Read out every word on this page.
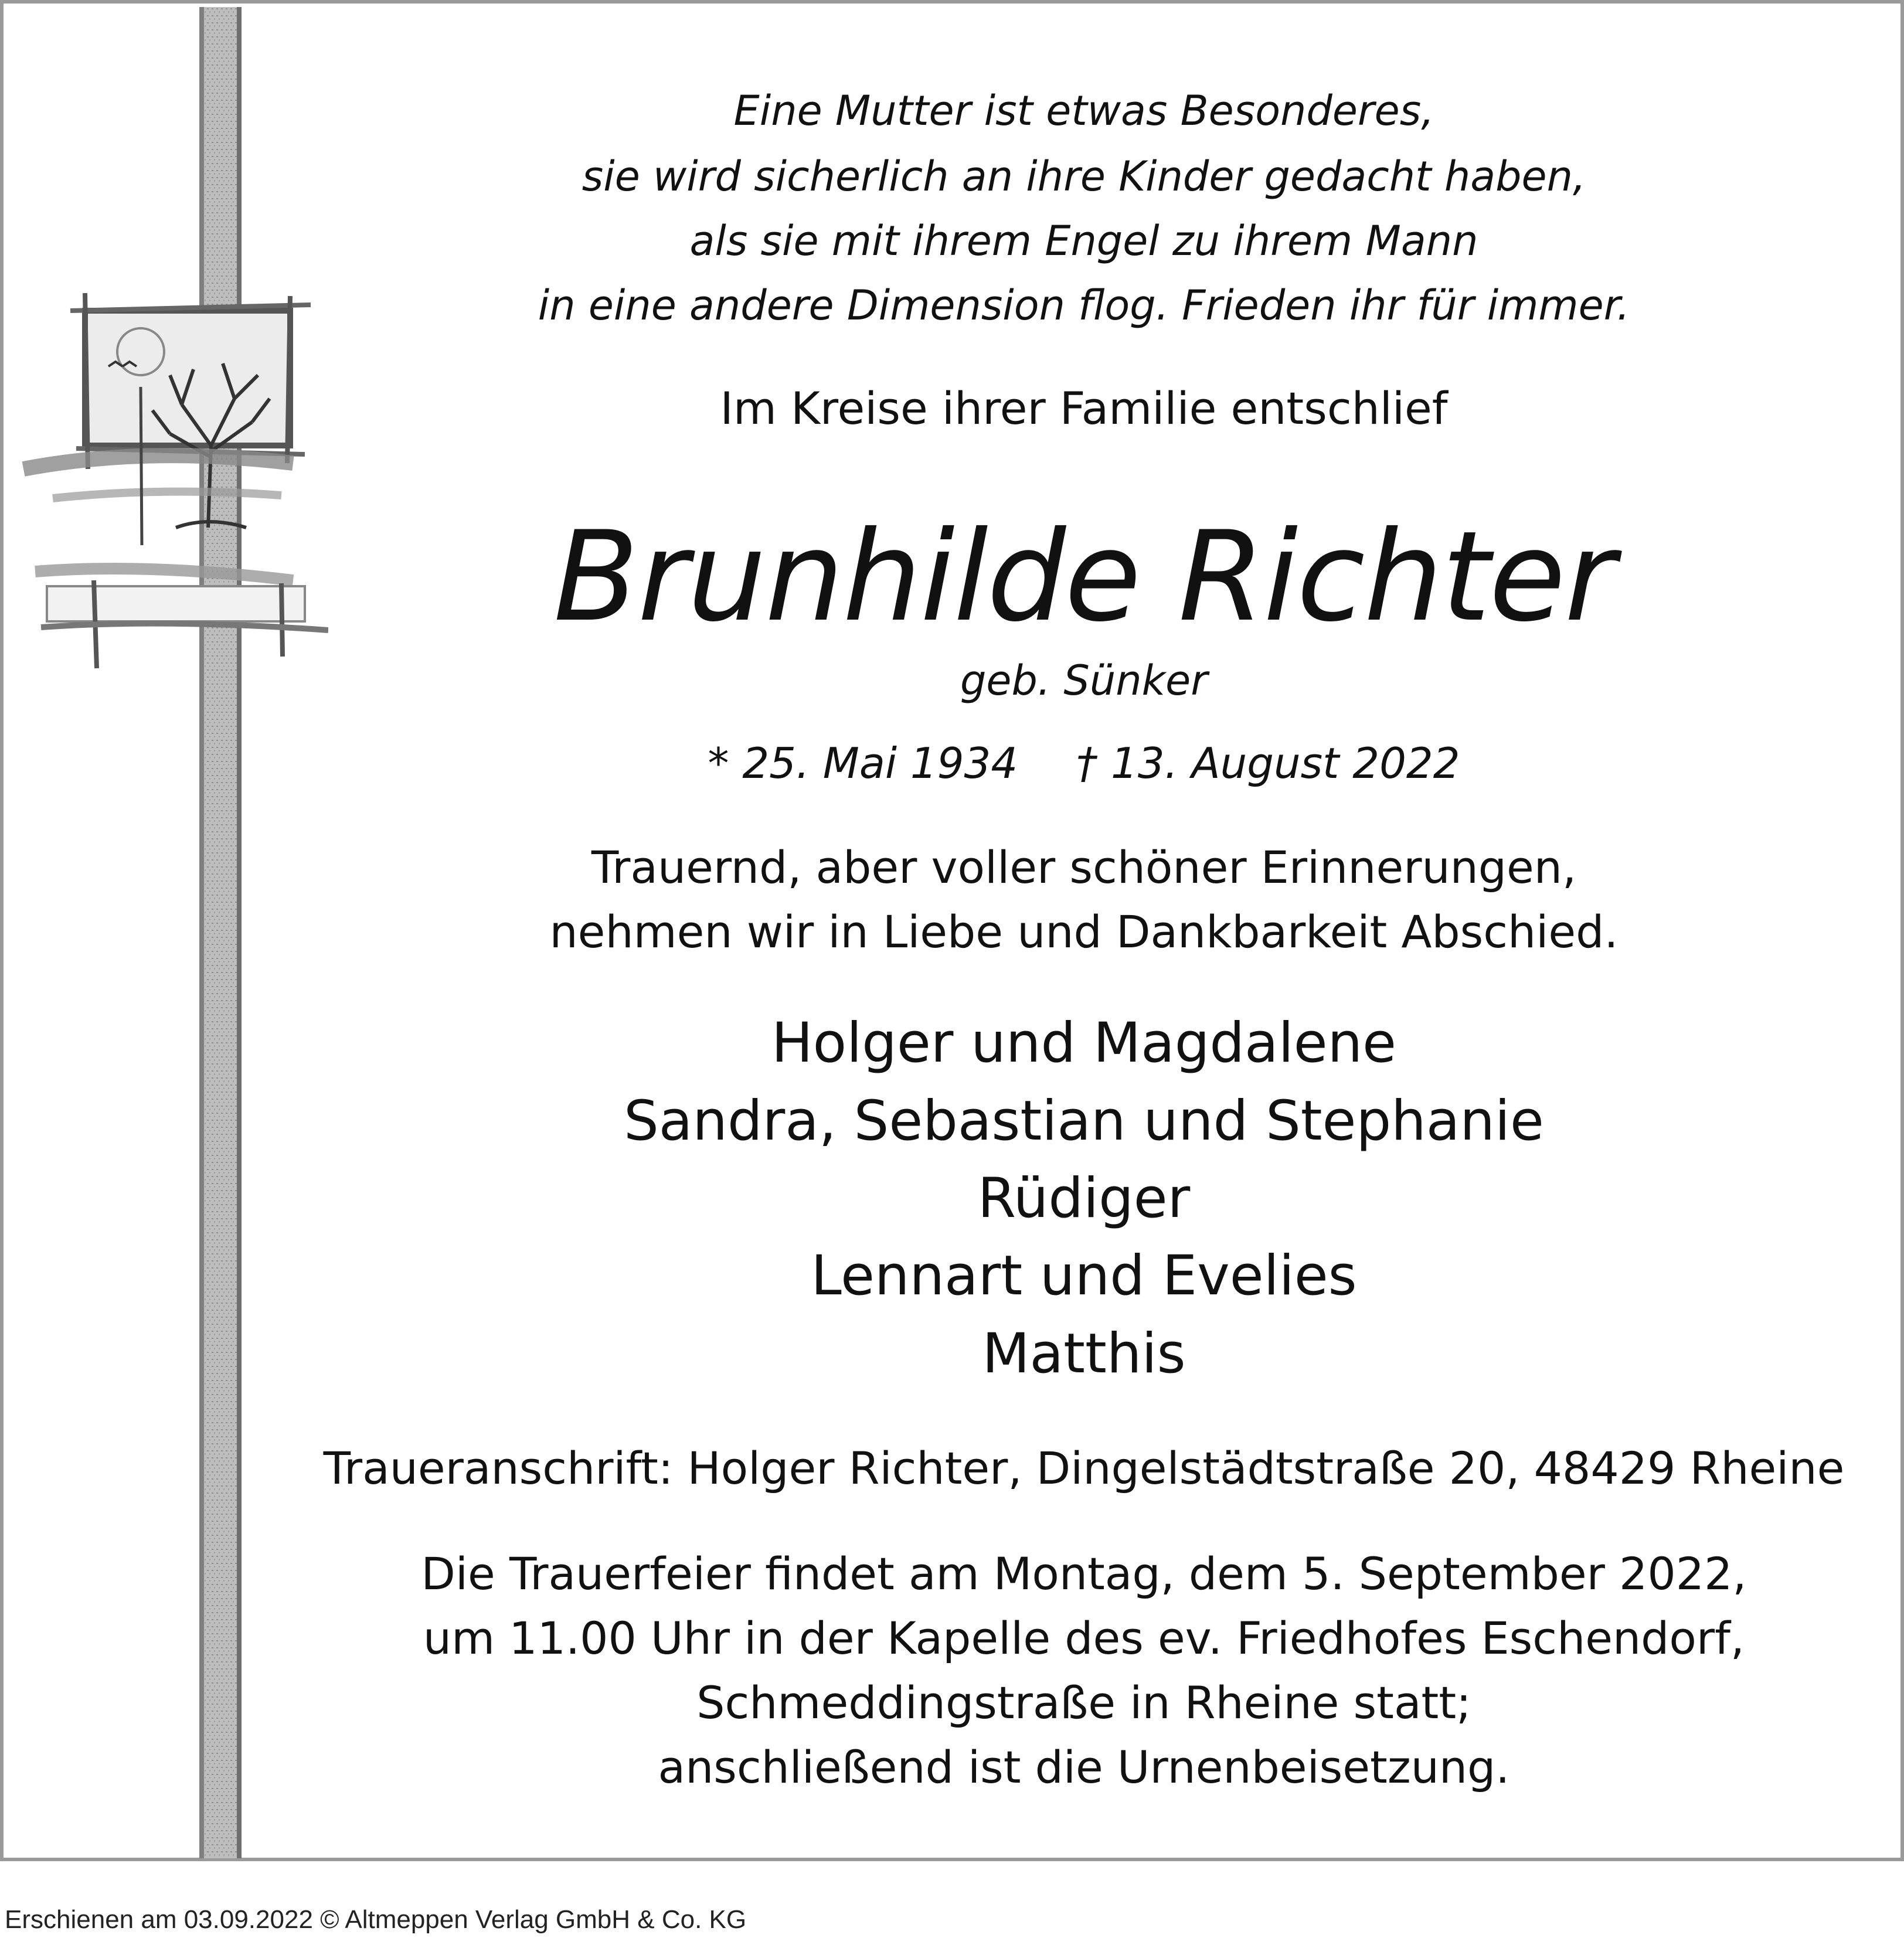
Eine Mutter ist etwas Besonderes,
sie wird sicherlich an ihre Kinder gedacht haben,
als sie mit ihrem Engel zu ihrem Mann
in eine andere Dimension flog. Frieden ihr für immer.
Im Kreise ihrer Familie entschlief
Brunhilde Richter
geb. Sünker
* 25. Mai 1934 † 13. August 2022
Trauernd, aber voller schöner Erinnerungen,
nehmen wir in Liebe und Dankbarkeit Abschied.
Holger und Magdalene
Sandra, Sebastian und Stephanie
Rüdiger
Lennart und Evelies
Matthis
Traueranschrift: Holger Richter, Dingelstädtstraße 20, 48429 Rheine
Die Trauerfeier findet am Montag, dem 5. September 2022,
um 11.00 Uhr in der Kapelle des ev. Friedhofes Eschendorf,
Schmeddingstraße in Rheine statt;
anschließend ist die Urnenbeisetzung.
Erschienen am 03.09.2022 © Altmeppen Verlag GmbH & Co. KG
